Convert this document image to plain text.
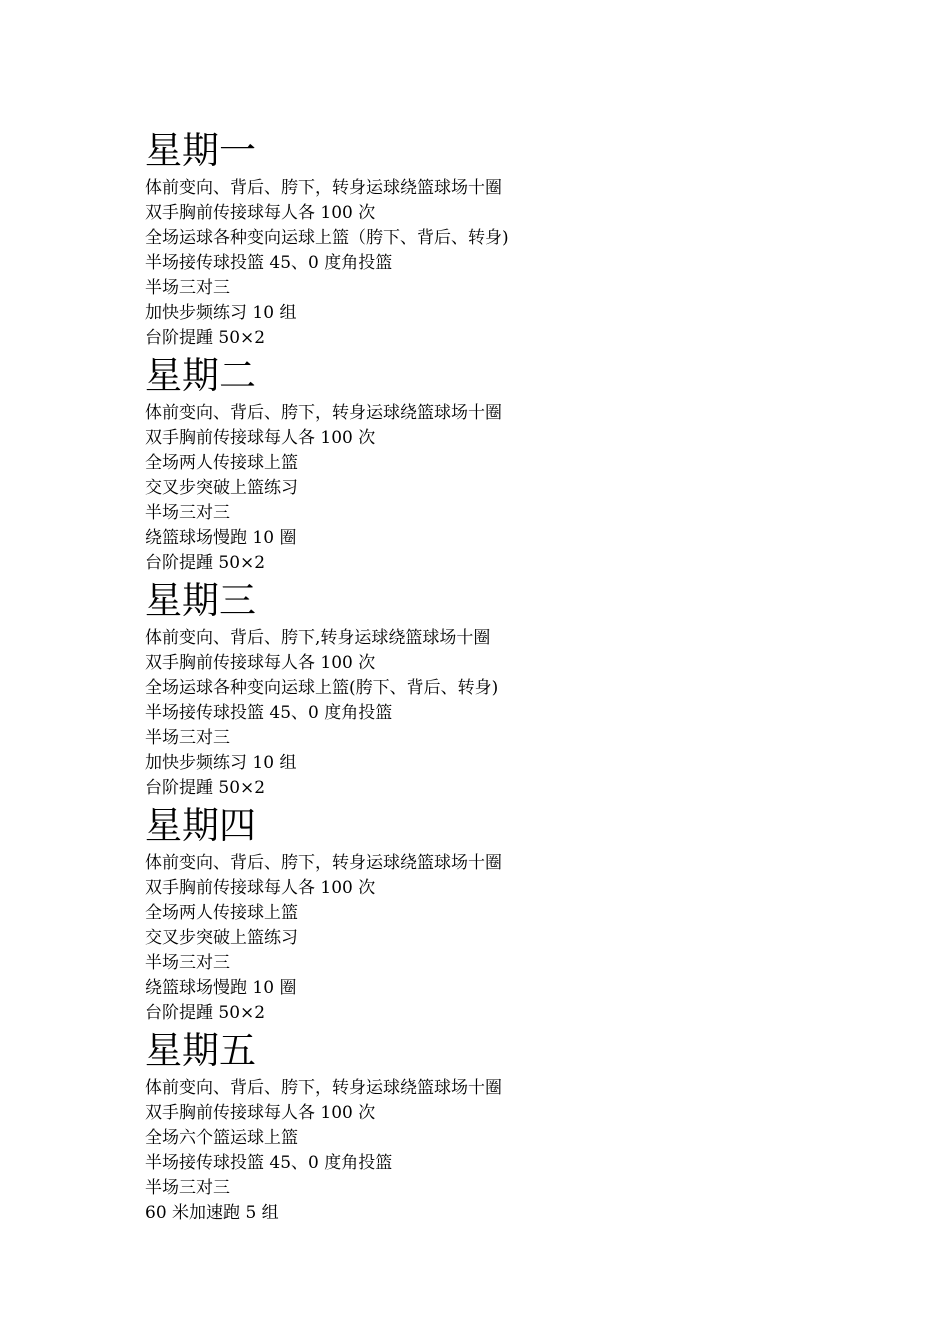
星期一
体前变向、背后、胯下，转身运球绕篮球场十圈
双手胸前传接球每人各 100 次
全场运球各种变向运球上篮（胯下、背后、转身)
半场接传球投篮 45、0 度角投篮
半场三对三
加快步频练习 10 组
台阶提踵 50×2
星期二
体前变向、背后、胯下，转身运球绕篮球场十圈
双手胸前传接球每人各 100 次
全场两人传接球上篮
交叉步突破上篮练习
半场三对三
绕篮球场慢跑 10 圈
台阶提踵 50×2
星期三
体前变向、背后、胯下,转身运球绕篮球场十圈
双手胸前传接球每人各 100 次
全场运球各种变向运球上篮(胯下、背后、转身)
半场接传球投篮 45、0 度角投篮
半场三对三
加快步频练习 10 组
台阶提踵 50×2
星期四
体前变向、背后、胯下，转身运球绕篮球场十圈
双手胸前传接球每人各 100 次
全场两人传接球上篮
交叉步突破上篮练习
半场三对三
绕篮球场慢跑 10 圈
台阶提踵 50×2
星期五
体前变向、背后、胯下，转身运球绕篮球场十圈
双手胸前传接球每人各 100 次
全场六个篮运球上篮
半场接传球投篮 45、0 度角投篮
半场三对三
60 米加速跑 5 组
